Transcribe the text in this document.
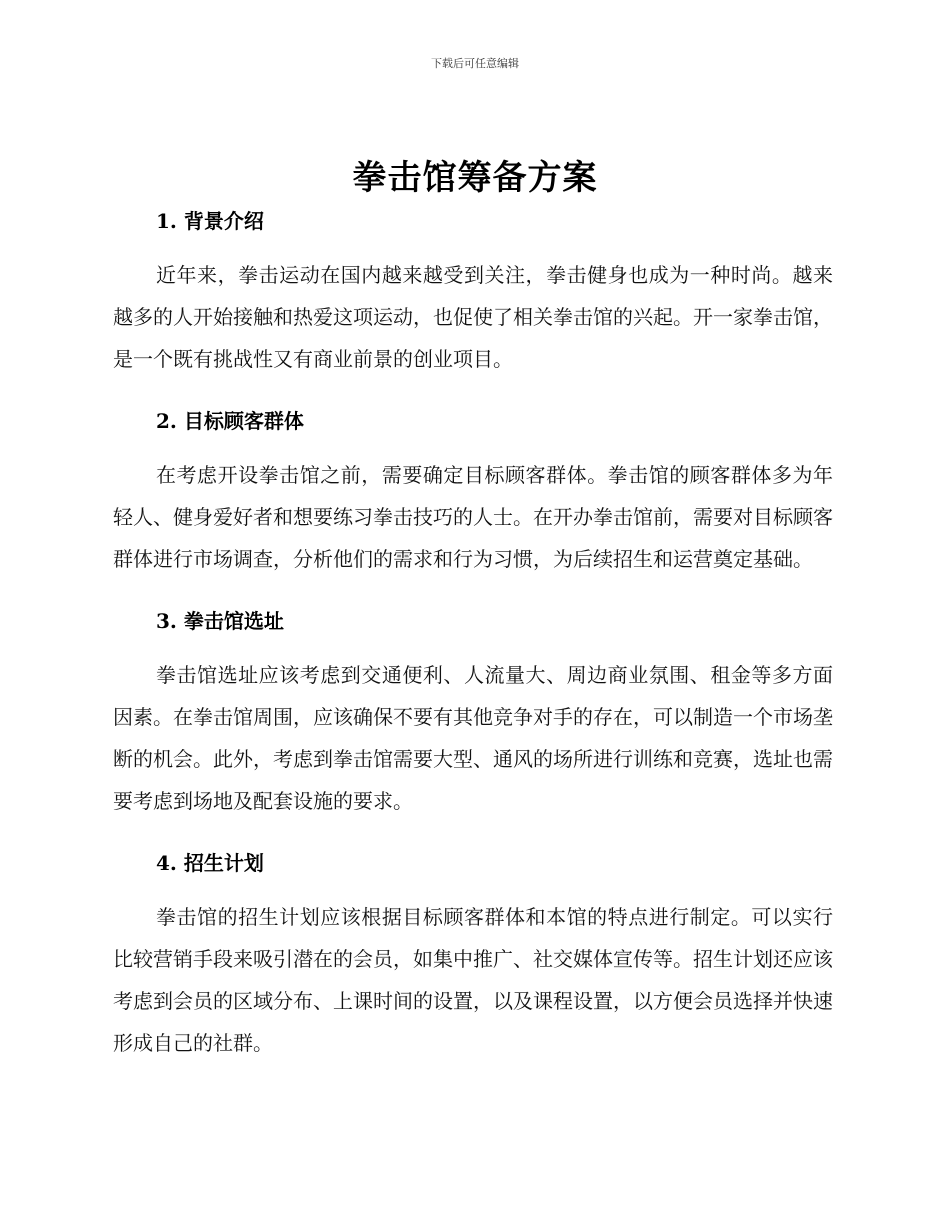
下载后可任意编辑
拳击馆筹备方案
1. 背景介绍

近年来，拳击运动在国内越来越受到关注，拳击健身也成为一种时尚。越来越多的人开始接触和热爱这项运动，也促使了相关拳击馆的兴起。开一家拳击馆，是一个既有挑战性又有商业前景的创业项目。

2. 目标顾客群体

在考虑开设拳击馆之前，需要确定目标顾客群体。拳击馆的顾客群体多为年轻人、健身爱好者和想要练习拳击技巧的人士。在开办拳击馆前，需要对目标顾客群体进行市场调查，分析他们的需求和行为习惯，为后续招生和运营奠定基础。

3. 拳击馆选址

拳击馆选址应该考虑到交通便利、人流量大、周边商业氛围、租金等多方面因素。在拳击馆周围，应该确保不要有其他竞争对手的存在，可以制造一个市场垄断的机会。此外，考虑到拳击馆需要大型、通风的场所进行训练和竞赛，选址也需要考虑到场地及配套设施的要求。

4. 招生计划

拳击馆的招生计划应该根据目标顾客群体和本馆的特点进行制定。可以实行比较营销手段来吸引潜在的会员，如集中推广、社交媒体宣传等。招生计划还应该考虑到会员的区域分布、上课时间的设置，以及课程设置，以方便会员选择并快速形成自己的社群。
